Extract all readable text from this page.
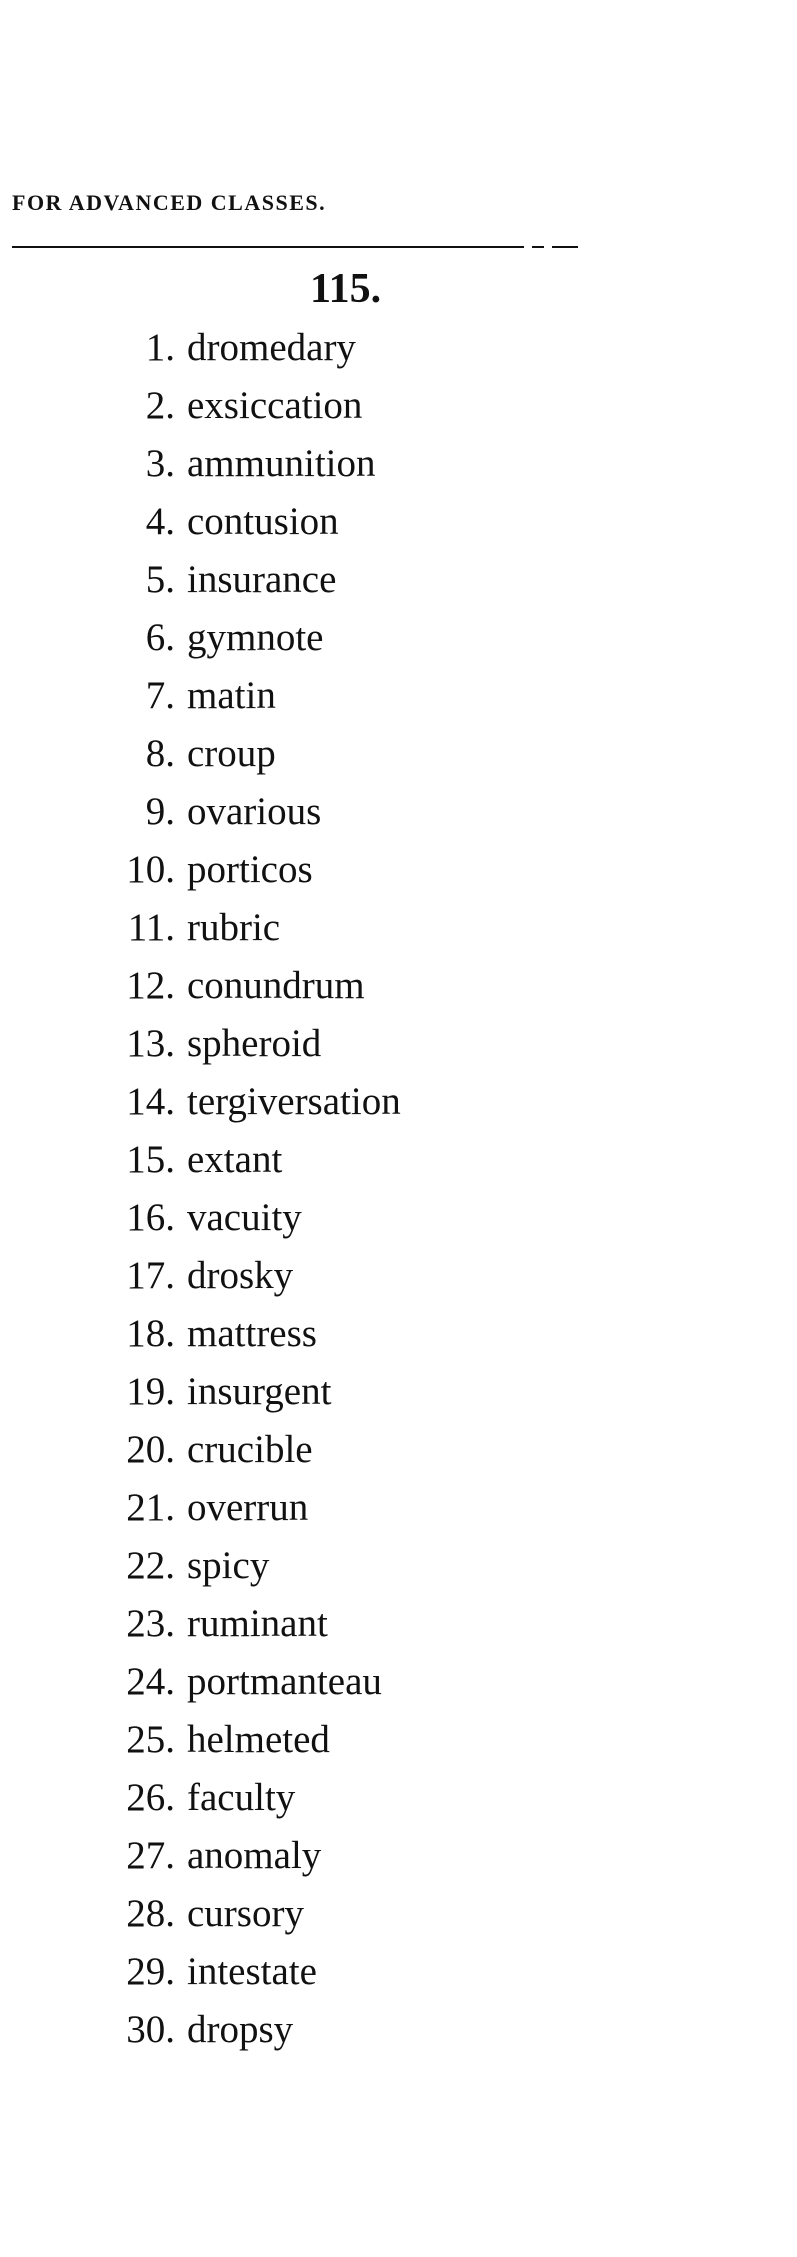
FOR ADVANCED CLASSES.
115.
1. dromedary
2. exsiccation
3. ammunition
4. contusion
5. insurance
6. gymnote
7. matin
8. croup
9. ovarious
10. porticos
11. rubric
12. conundrum
13. spheroid
14. tergiversation
15. extant
16. vacuity
17. drosky
18. mattress
19. insurgent
20. crucible
21. overrun
22. spicy
23. ruminant
24. portmanteau
25. helmeted
26. faculty
27. anomaly
28. cursory
29. intestate
30. dropsy
